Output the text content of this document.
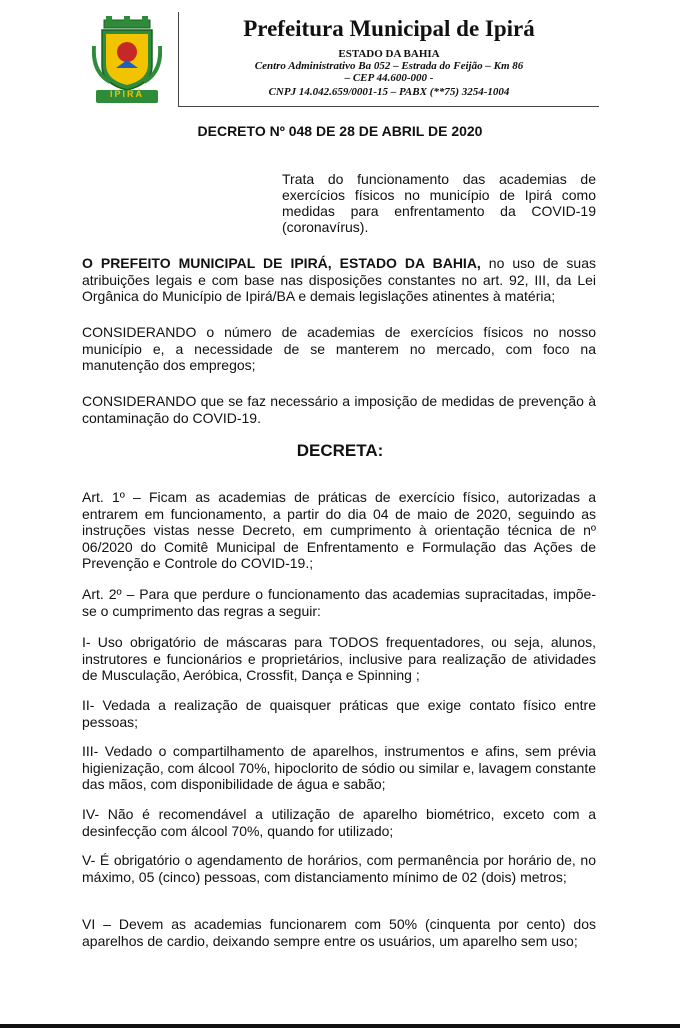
IPIRÁ
Prefeitura Municipal de Ipirá
ESTADO DA BAHIA
Centro Administrativo Ba 052 – Estrada do Feijão – Km 86
– CEP 44.600-000 -
CNPJ 14.042.659/0001-15 – PABX (**75) 3254-1004
DECRETO Nº 048 DE 28 DE ABRIL DE 2020
Trata do funcionamento das academias de exercícios físicos no município de Ipirá como medidas para enfrentamento da COVID-19 (coronavírus).
O PREFEITO MUNICIPAL DE IPIRÁ, ESTADO DA BAHIA, no uso de suas atribuições legais e com base nas disposições constantes no art. 92, III, da Lei Orgânica do Município de Ipirá/BA e demais legislações atinentes à matéria;
CONSIDERANDO o número de academias de exercícios físicos no nosso município e, a necessidade de se manterem no mercado, com foco na manutenção dos empregos;
CONSIDERANDO que se faz necessário a imposição de medidas de prevenção à contaminação do COVID-19.
DECRETA:
Art. 1º – Ficam as academias de práticas de exercício físico, autorizadas a entrarem em funcionamento, a partir do dia 04 de maio de 2020, seguindo as instruções vistas nesse Decreto, em cumprimento à orientação técnica de nº 06/2020 do Comitê Municipal de Enfrentamento e Formulação das Ações de Prevenção e Controle do COVID-19.;
Art. 2º – Para que perdure o funcionamento das academias supracitadas, impõe-se o cumprimento das regras a seguir:
I- Uso obrigatório de máscaras para TODOS frequentadores, ou seja, alunos, instrutores e funcionários e proprietários, inclusive para realização de atividades de Musculação, Aeróbica, Crossfit, Dança e Spinning ;
II- Vedada a realização de quaisquer práticas que exige contato físico entre pessoas;
III- Vedado o compartilhamento de aparelhos, instrumentos e afins, sem prévia higienização, com álcool 70%, hipoclorito de sódio ou similar e, lavagem constante das mãos, com disponibilidade de água e sabão;
IV- Não é recomendável a utilização de aparelho biométrico, exceto com a desinfecção com álcool 70%, quando for utilizado;
V- É obrigatório o agendamento de horários, com permanência por horário de, no máximo, 05 (cinco) pessoas, com distanciamento mínimo de 02 (dois) metros;
VI – Devem as academias funcionarem com 50% (cinquenta por cento) dos aparelhos de cardio, deixando sempre entre os usuários, um aparelho sem uso;
